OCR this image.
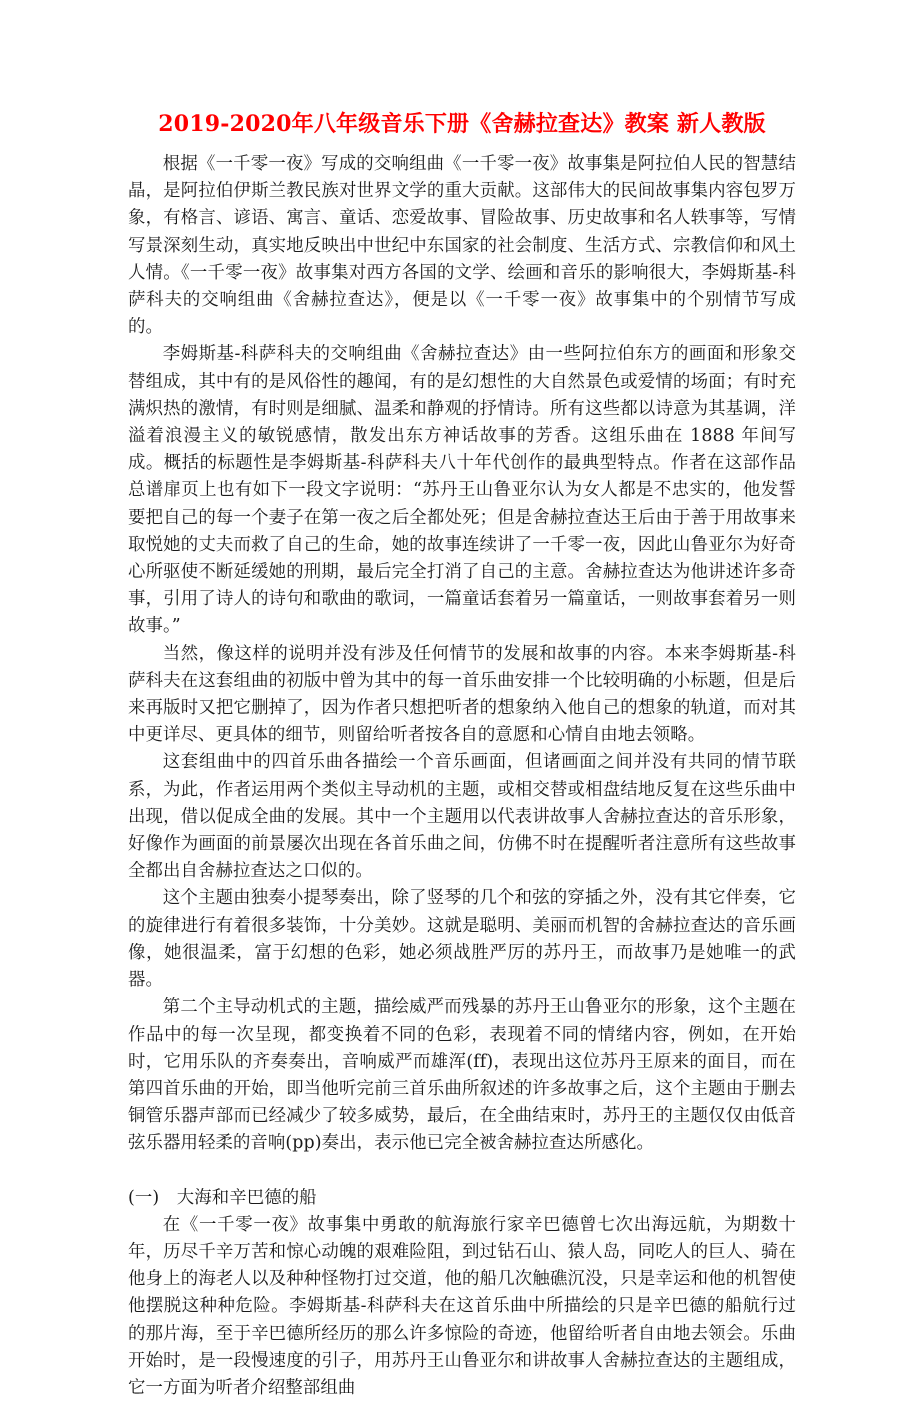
2019-2020年八年级音乐下册《舍赫拉查达》教案 新人教版

根据《一千零一夜》写成的交响组曲《一千零一夜》故事集是阿拉伯人民的智慧结晶，是阿拉伯伊斯兰教民族对世界文学的重大贡献。这部伟大的民间故事集内容包罗万象，有格言、谚语、寓言、童话、恋爱故事、冒险故事、历史故事和名人轶事等，写情写景深刻生动，真实地反映出中世纪中东国家的社会制度、生活方式、宗教信仰和风土人情。《一千零一夜》故事集对西方各国的文学、绘画和音乐的影响很大，李姆斯基-科萨科夫的交响组曲《舍赫拉查达》，便是以《一千零一夜》故事集中的个别情节写成的。

李姆斯基-科萨科夫的交响组曲《舍赫拉查达》由一些阿拉伯东方的画面和形象交替组成，其中有的是风俗性的趣闻，有的是幻想性的大自然景色或爱情的场面；有时充满炽热的激情，有时则是细腻、温柔和静观的抒情诗。所有这些都以诗意为其基调，洋溢着浪漫主义的敏锐感情，散发出东方神话故事的芳香。这组乐曲在 1888 年间写成。概括的标题性是李姆斯基-科萨科夫八十年代创作的最典型特点。作者在这部作品总谱扉页上也有如下一段文字说明：“苏丹王山鲁亚尔认为女人都是不忠实的，他发誓要把自己的每一个妻子在第一夜之后全都处死；但是舍赫拉查达王后由于善于用故事来取悦她的丈夫而救了自己的生命，她的故事连续讲了一千零一夜，因此山鲁亚尔为好奇心所驱使不断延缓她的刑期，最后完全打消了自己的主意。舍赫拉查达为他讲述许多奇事，引用了诗人的诗句和歌曲的歌词，一篇童话套着另一篇童话，一则故事套着另一则故事。”

当然，像这样的说明并没有涉及任何情节的发展和故事的内容。本来李姆斯基-科萨科夫在这套组曲的初版中曾为其中的每一首乐曲安排一个比较明确的小标题，但是后来再版时又把它删掉了，因为作者只想把听者的想象纳入他自己的想象的轨道，而对其中更详尽、更具体的细节，则留给听者按各自的意愿和心情自由地去领略。

这套组曲中的四首乐曲各描绘一个音乐画面，但诸画面之间并没有共同的情节联系，为此，作者运用两个类似主导动机的主题，或相交替或相盘结地反复在这些乐曲中出现，借以促成全曲的发展。其中一个主题用以代表讲故事人舍赫拉查达的音乐形象，好像作为画面的前景屡次出现在各首乐曲之间，仿佛不时在提醒听者注意所有这些故事全都出自舍赫拉查达之口似的。

这个主题由独奏小提琴奏出，除了竖琴的几个和弦的穿插之外，没有其它伴奏，它的旋律进行有着很多装饰，十分美妙。这就是聪明、美丽而机智的舍赫拉查达的音乐画像，她很温柔，富于幻想的色彩，她必须战胜严厉的苏丹王，而故事乃是她唯一的武器。

第二个主导动机式的主题，描绘威严而残暴的苏丹王山鲁亚尔的形象，这个主题在作品中的每一次呈现，都变换着不同的色彩，表现着不同的情绪内容，例如，在开始时，它用乐队的齐奏奏出，音响威严而雄浑(ff)，表现出这位苏丹王原来的面目，而在第四首乐曲的开始，即当他听完前三首乐曲所叙述的许多故事之后，这个主题由于删去铜管乐器声部而已经减少了较多威势，最后，在全曲结束时，苏丹王的主题仅仅由低音弦乐器用轻柔的音响(pp)奏出，表示他已完全被舍赫拉查达所感化。

(一)　大海和辛巴德的船

在《一千零一夜》故事集中勇敢的航海旅行家辛巴德曾七次出海远航，为期数十年，历尽千辛万苦和惊心动魄的艰难险阻，到过钻石山、猿人岛，同吃人的巨人、骑在他身上的海老人以及种种怪物打过交道，他的船几次触礁沉没，只是幸运和他的机智使他摆脱这种种危险。李姆斯基-科萨科夫在这首乐曲中所描绘的只是辛巴德的船航行过的那片海，至于辛巴德所经历的那么许多惊险的奇迹，他留给听者自由地去领会。乐曲开始时，是一段慢速度的引子，用苏丹王山鲁亚尔和讲故事人舍赫拉查达的主题组成，它一方面为听者介绍整部组曲
